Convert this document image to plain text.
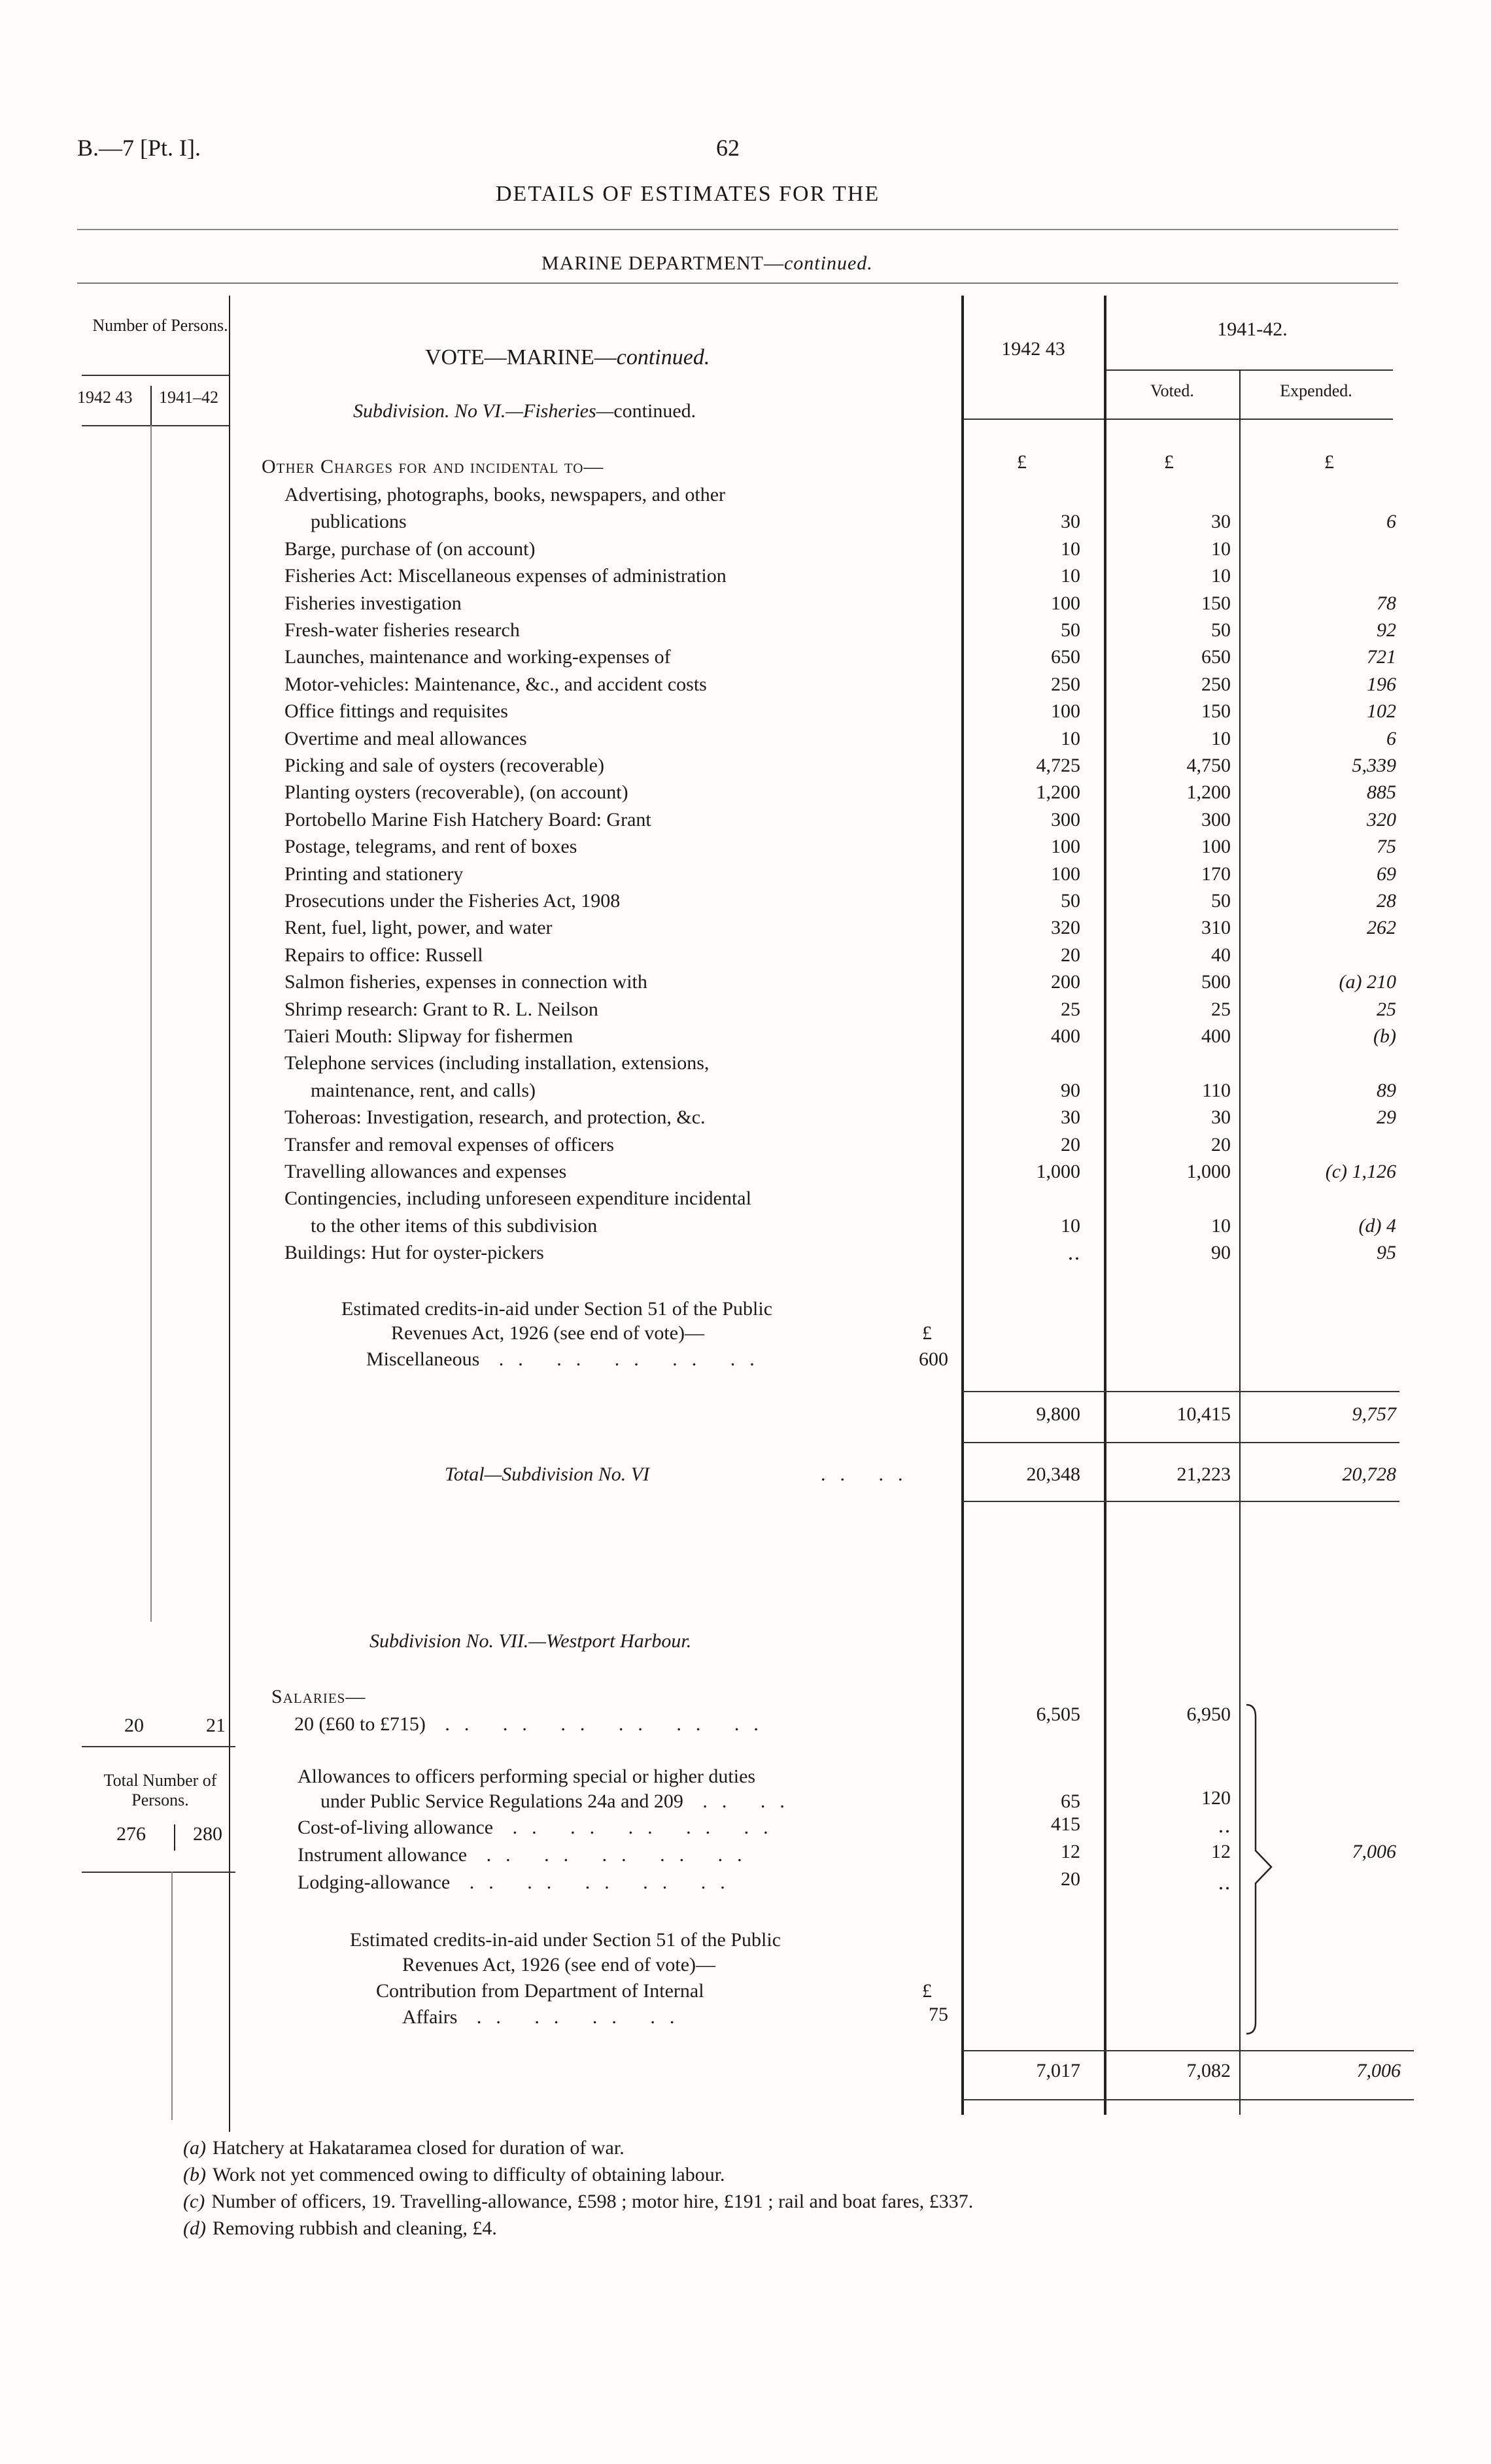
B.—7 [Pt. I].	62
DETAILS OF ESTIMATES FOR THE
MARINE DEPARTMENT—continued.
Number of Persons.
1942 43 1941–42
VOTE—MARINE—continued.
Subdivision. No VI.—Fisheries—continued.
1942 43
1941-42.
Voted.	Expended.
Other Charges for and incidental to—	£	£	£
Advertising, photographs, books, newspapers, and other
publications	30	30	6
Barge, purchase of (on account)	10	10
Fisheries Act: Miscellaneous expenses of administration	10	10
Fisheries investigation	100	150	78
Fresh-water fisheries research	50	50	92
Launches, maintenance and working-expenses of	650	650	721
Motor-vehicles: Maintenance, &c., and accident costs	250	250	196
Office fittings and requisites	100	150	102
Overtime and meal allowances	10	10	6
Picking and sale of oysters (recoverable)	4,725	4,750	5,339
Planting oysters (recoverable), (on account)	1,200	1,200	885
Portobello Marine Fish Hatchery Board: Grant	300	300	320
Postage, telegrams, and rent of boxes	100	100	75
Printing and stationery	100	170	69
Prosecutions under the Fisheries Act, 1908	50	50	28
Rent, fuel, light, power, and water	320	310	262
Repairs to office: Russell	20	40
Salmon fisheries, expenses in connection with	200	500	(a) 210
Shrimp research: Grant to R. L. Neilson	25	25	25
Taieri Mouth: Slipway for fishermen	400	400	(b)
Telephone services (including installation, extensions,
maintenance, rent, and calls)	90	110	89
Toheroas: Investigation, research, and protection, &c.	30	30	29
Transfer and removal expenses of officers	20	20
Travelling allowances and expenses	1,000	1,000	(c) 1,126
Contingencies, including unforeseen expenditure incidental
to the other items of this subdivision	10	10	(d) 4
Buildings: Hut for oyster-pickers	‥	90	95
Estimated credits-in-aid under Section 51 of the Public
Revenues Act, 1926 (see end of vote)—	£
Miscellaneous .. .. .. .. ..	600
9,800	10,415	9,757
Total—Subdivision No. VI	.. ..	20,348	21,223	20,728
Subdivision No. VII.—Westport Harbour.
Salaries—
20	21	20 (£60 to £715) .. .. .. .. .. ..	6,505	6,950
Total Number of Persons.
276 280
Allowances to officers performing special or higher duties
under Public Service Regulations 24a and 209 .. ..	65	120
Cost-of-living allowance .. .. .. .. ..	415	‥
Instrument allowance .. .. .. .. ..	12	12
Lodging-allowance .. .. .. .. ..	20	‥
7,006
Estimated credits-in-aid under Section 51 of the Public
Revenues Act, 1926 (see end of vote)—
Contribution from Department of Internal	£
Affairs .. .. .. ..	75
7,017	7,082	7,006
(a) Hatchery at Hakataramea closed for duration of war.
(b) Work not yet commenced owing to difficulty of obtaining labour.
(c) Number of officers, 19. Travelling-allowance, £598 ; motor hire, £191 ; rail and boat fares, £337.
(d) Removing rubbish and cleaning, £4.
